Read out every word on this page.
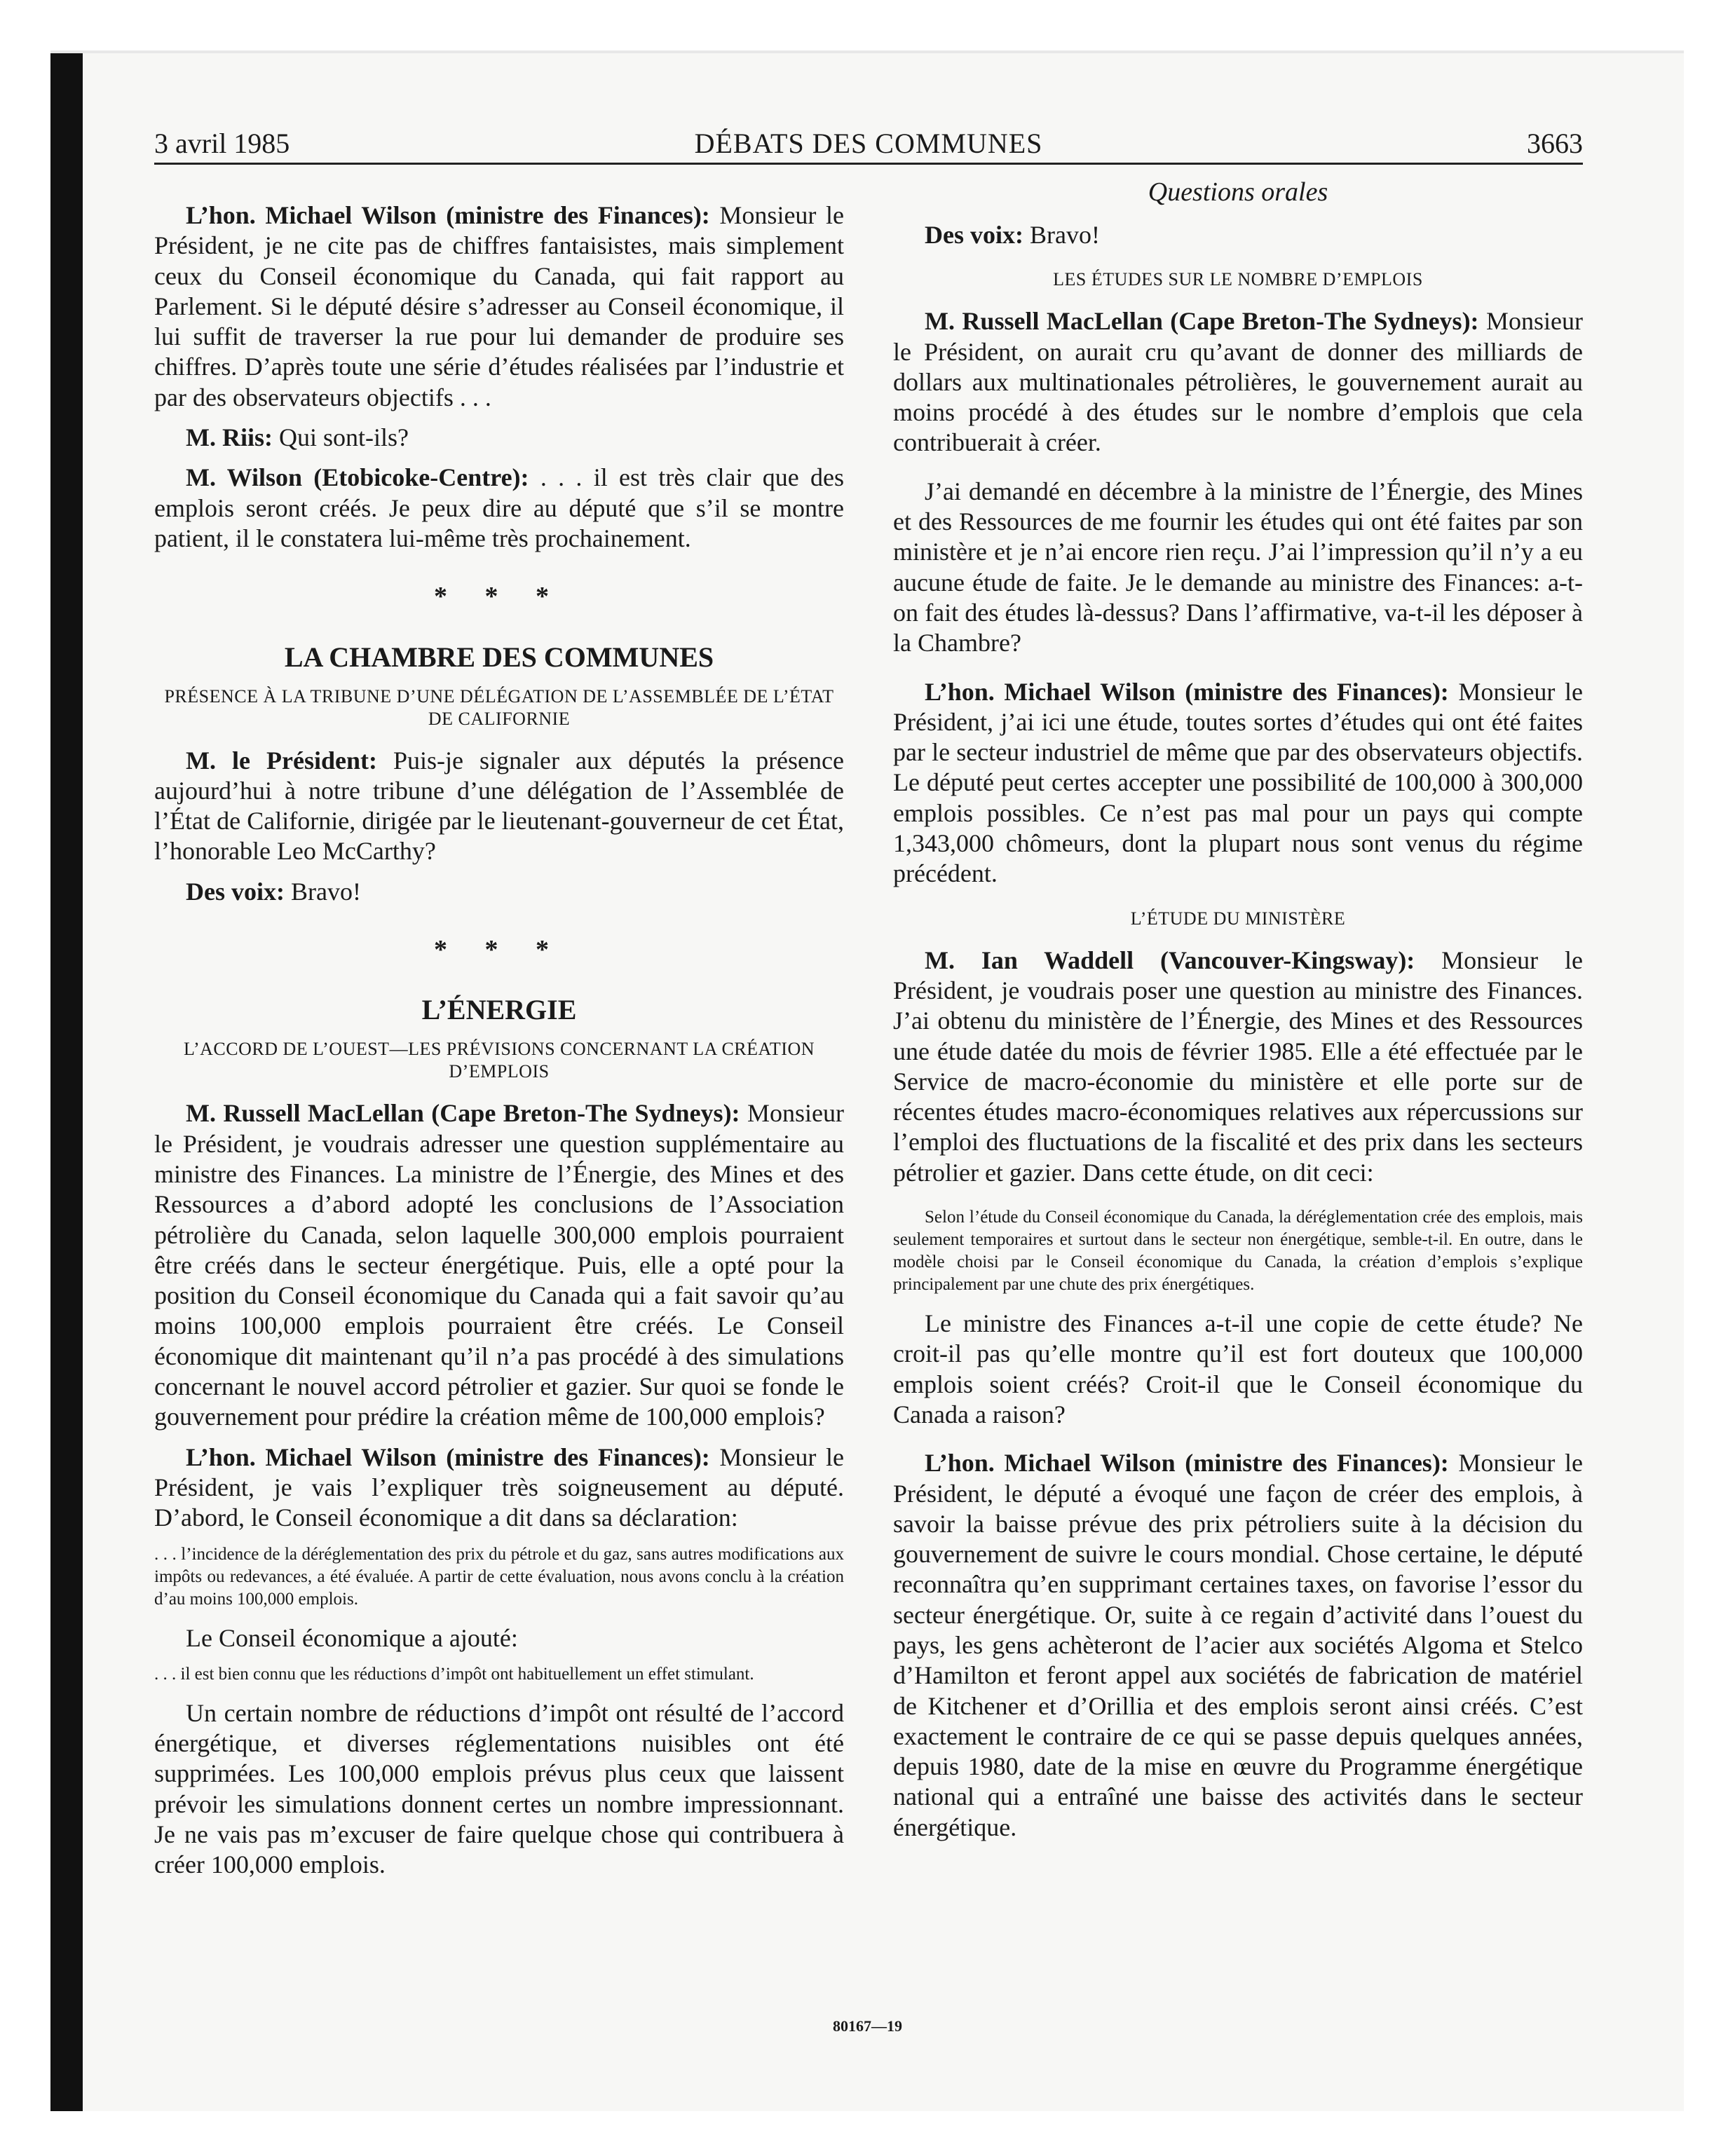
3 avril 1985	DÉBATS DES COMMUNES	3663

L’hon. Michael Wilson (ministre des Finances): Monsieur le Président, je ne cite pas de chiffres fantaisistes, mais simplement ceux du Conseil économique du Canada, qui fait rapport au Parlement. Si le député désire s’adresser au Conseil économique, il lui suffit de traverser la rue pour lui demander de produire ses chiffres. D’après toute une série d’études réalisées par l’industrie et par des observateurs objectifs . . .

M. Riis: Qui sont-ils?

M. Wilson (Etobicoke-Centre): . . . il est très clair que des emplois seront créés. Je peux dire au député que s’il se montre patient, il le constatera lui-même très prochainement.

* * *
LA CHAMBRE DES COMMUNES
PRÉSENCE À LA TRIBUNE D’UNE DÉLÉGATION DE L’ASSEMBLÉE DE L’ÉTAT DE CALIFORNIE

M. le Président: Puis-je signaler aux députés la présence aujourd’hui à notre tribune d’une délégation de l’Assemblée de l’État de Californie, dirigée par le lieutenant-gouverneur de cet État, l’honorable Leo McCarthy?

Des voix: Bravo!

* * *
L’ÉNERGIE
L’ACCORD DE L’OUEST—LES PRÉVISIONS CONCERNANT LA CRÉATION D’EMPLOIS

M. Russell MacLellan (Cape Breton-The Sydneys): Monsieur le Président, je voudrais adresser une question supplémentaire au ministre des Finances. La ministre de l’Énergie, des Mines et des Ressources a d’abord adopté les conclusions de l’Association pétrolière du Canada, selon laquelle 300,000 emplois pourraient être créés dans le secteur énergétique. Puis, elle a opté pour la position du Conseil économique du Canada qui a fait savoir qu’au moins 100,000 emplois pourraient être créés. Le Conseil économique dit maintenant qu’il n’a pas procédé à des simulations concernant le nouvel accord pétrolier et gazier. Sur quoi se fonde le gouvernement pour prédire la création même de 100,000 emplois?

L’hon. Michael Wilson (ministre des Finances): Monsieur le Président, je vais l’expliquer très soigneusement au député. D’abord, le Conseil économique a dit dans sa déclaration:

. . . l’incidence de la déréglementation des prix du pétrole et du gaz, sans autres modifications aux impôts ou redevances, a été évaluée. A partir de cette évaluation, nous avons conclu à la création d’au moins 100,000 emplois.

Le Conseil économique a ajouté:

. . . il est bien connu que les réductions d’impôt ont habituellement un effet stimulant.

Un certain nombre de réductions d’impôt ont résulté de l’accord énergétique, et diverses réglementations nuisibles ont été supprimées. Les 100,000 emplois prévus plus ceux que laissent prévoir les simulations donnent certes un nombre impressionnant. Je ne vais pas m’excuser de faire quelque chose qui contribuera à créer 100,000 emplois.

Questions orales

Des voix: Bravo!

LES ÉTUDES SUR LE NOMBRE D’EMPLOIS

M. Russell MacLellan (Cape Breton-The Sydneys): Monsieur le Président, on aurait cru qu’avant de donner des milliards de dollars aux multinationales pétrolières, le gouvernement aurait au moins procédé à des études sur le nombre d’emplois que cela contribuerait à créer.

J’ai demandé en décembre à la ministre de l’Énergie, des Mines et des Ressources de me fournir les études qui ont été faites par son ministère et je n’ai encore rien reçu. J’ai l’impression qu’il n’y a eu aucune étude de faite. Je le demande au ministre des Finances: a-t-on fait des études là-dessus? Dans l’affirmative, va-t-il les déposer à la Chambre?

L’hon. Michael Wilson (ministre des Finances): Monsieur le Président, j’ai ici une étude, toutes sortes d’études qui ont été faites par le secteur industriel de même que par des observateurs objectifs. Le député peut certes accepter une possibilité de 100,000 à 300,000 emplois possibles. Ce n’est pas mal pour un pays qui compte 1,343,000 chômeurs, dont la plupart nous sont venus du régime précédent.

L’ÉTUDE DU MINISTÈRE

M. Ian Waddell (Vancouver-Kingsway): Monsieur le Président, je voudrais poser une question au ministre des Finances. J’ai obtenu du ministère de l’Énergie, des Mines et des Ressources une étude datée du mois de février 1985. Elle a été effectuée par le Service de macro-économie du ministère et elle porte sur de récentes études macro-économiques relatives aux répercussions sur l’emploi des fluctuations de la fiscalité et des prix dans les secteurs pétrolier et gazier. Dans cette étude, on dit ceci:

Selon l’étude du Conseil économique du Canada, la déréglementation crée des emplois, mais seulement temporaires et surtout dans le secteur non énergétique, semble-t-il. En outre, dans le modèle choisi par le Conseil économique du Canada, la création d’emplois s’explique principalement par une chute des prix énergétiques.

Le ministre des Finances a-t-il une copie de cette étude? Ne croit-il pas qu’elle montre qu’il est fort douteux que 100,000 emplois soient créés? Croit-il que le Conseil économique du Canada a raison?

L’hon. Michael Wilson (ministre des Finances): Monsieur le Président, le député a évoqué une façon de créer des emplois, à savoir la baisse prévue des prix pétroliers suite à la décision du gouvernement de suivre le cours mondial. Chose certaine, le député reconnaîtra qu’en supprimant certaines taxes, on favorise l’essor du secteur énergétique. Or, suite à ce regain d’activité dans l’ouest du pays, les gens achèteront de l’acier aux sociétés Algoma et Stelco d’Hamilton et feront appel aux sociétés de fabrication de matériel de Kitchener et d’Orillia et des emplois seront ainsi créés. C’est exactement le contraire de ce qui se passe depuis quelques années, depuis 1980, date de la mise en œuvre du Programme énergétique national qui a entraîné une baisse des activités dans le secteur énergétique.

80167—19
